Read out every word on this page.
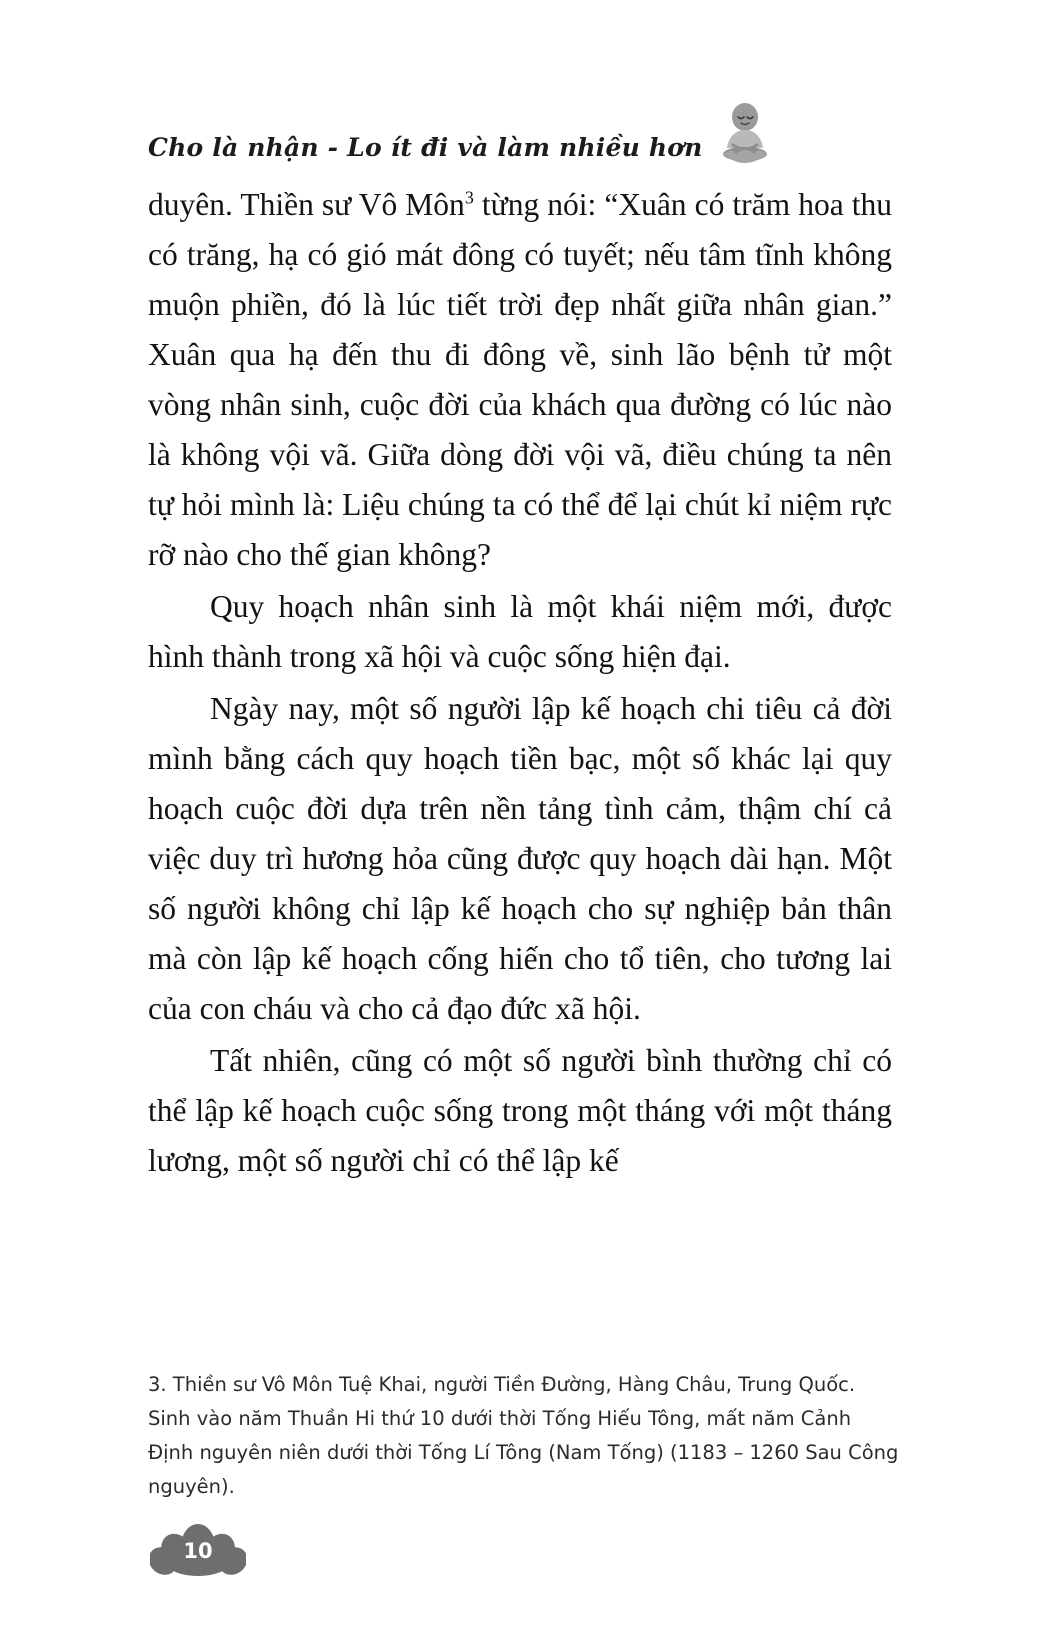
Cho là nhận - Lo ít đi và làm nhiều hơn

duyên. Thiền sư Vô Môn$^3$ từng nói: “Xuân có trăm hoa thu có trăng, hạ có gió mát đông có tuyết; nếu tâm tĩnh không muộn phiền, đó là lúc tiết trời đẹp nhất giữa nhân gian.” Xuân qua hạ đến thu đi đông về, sinh lão bệnh tử một vòng nhân sinh, cuộc đời của khách qua đường có lúc nào là không vội vã. Giữa dòng đời vội vã, điều chúng ta nên tự hỏi mình là: Liệu chúng ta có thể để lại chút kỉ niệm rực rỡ nào cho thế gian không?

Quy hoạch nhân sinh là một khái niệm mới, được hình thành trong xã hội và cuộc sống hiện đại.

Ngày nay, một số người lập kế hoạch chi tiêu cả đời mình bằng cách quy hoạch tiền bạc, một số khác lại quy hoạch cuộc đời dựa trên nền tảng tình cảm, thậm chí cả việc duy trì hương hỏa cũng được quy hoạch dài hạn. Một số người không chỉ lập kế hoạch cho sự nghiệp bản thân mà còn lập kế hoạch cống hiến cho tổ tiên, cho tương lai của con cháu và cho cả đạo đức xã hội.

Tất nhiên, cũng có một số người bình thường chỉ có thể lập kế hoạch cuộc sống trong một tháng với một tháng lương, một số người chỉ có thể lập kế

3. Thiền sư Vô Môn Tuệ Khai, người Tiền Đường, Hàng Châu, Trung Quốc. Sinh vào năm Thuần Hi thứ 10 dưới thời Tống Hiếu Tông, mất năm Cảnh Định nguyên niên dưới thời Tống Lí Tông (Nam Tống) (1183 – 1260 Sau Công nguyên).

10
